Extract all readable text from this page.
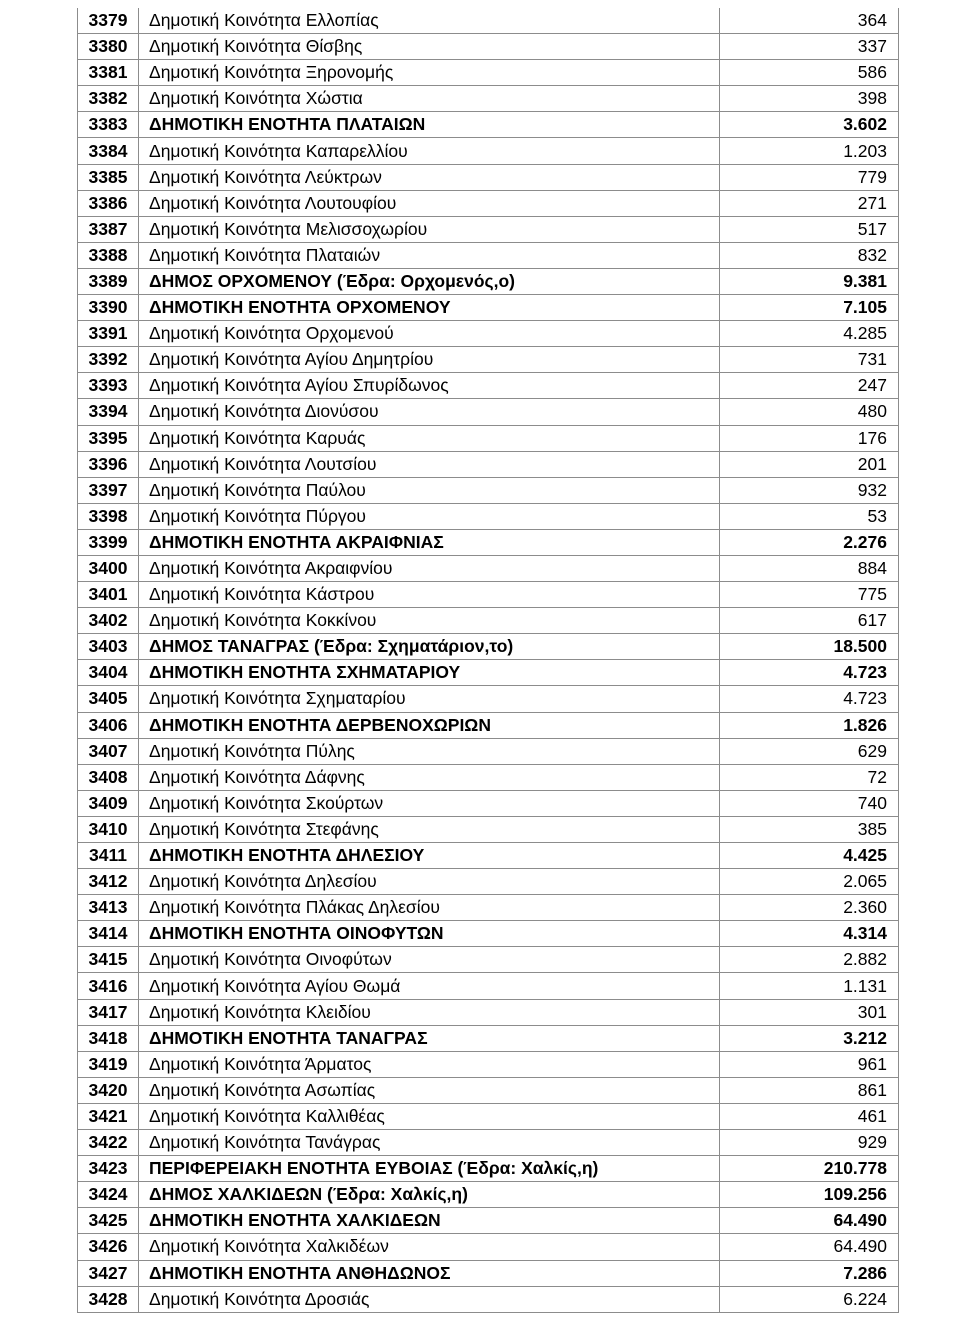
3379	Δημοτική Κοινότητα Ελλοπίας	364
3380	Δημοτική Κοινότητα Θίσβης	337
3381	Δημοτική Κοινότητα Ξηρονομής	586
3382	Δημοτική Κοινότητα Χώστια	398
3383	ΔΗΜΟΤΙΚΗ ΕΝΟΤΗΤΑ ΠΛΑΤΑΙΩΝ	3.602
3384	Δημοτική Κοινότητα Καπαρελλίου	1.203
3385	Δημοτική Κοινότητα Λεύκτρων	779
3386	Δημοτική Κοινότητα Λουτουφίου	271
3387	Δημοτική Κοινότητα Μελισσοχωρίου	517
3388	Δημοτική Κοινότητα Πλαταιών	832
3389	ΔΗΜΟΣ ΟΡΧΟΜΕΝΟΥ (Έδρα: Ορχομενός,ο)	9.381
3390	ΔΗΜΟΤΙΚΗ ΕΝΟΤΗΤΑ ΟΡΧΟΜΕΝΟΥ	7.105
3391	Δημοτική Κοινότητα Ορχομενού	4.285
3392	Δημοτική Κοινότητα Αγίου Δημητρίου	731
3393	Δημοτική Κοινότητα Αγίου Σπυρίδωνος	247
3394	Δημοτική Κοινότητα Διονύσου	480
3395	Δημοτική Κοινότητα Καρυάς	176
3396	Δημοτική Κοινότητα Λουτσίου	201
3397	Δημοτική Κοινότητα Παύλου	932
3398	Δημοτική Κοινότητα Πύργου	53
3399	ΔΗΜΟΤΙΚΗ ΕΝΟΤΗΤΑ ΑΚΡΑΙΦΝΙΑΣ	2.276
3400	Δημοτική Κοινότητα Ακραιφνίου	884
3401	Δημοτική Κοινότητα Κάστρου	775
3402	Δημοτική Κοινότητα Κοκκίνου	617
3403	ΔΗΜΟΣ ΤΑΝΑΓΡΑΣ (Έδρα: Σχηματάριον,το)	18.500
3404	ΔΗΜΟΤΙΚΗ ΕΝΟΤΗΤΑ ΣΧΗΜΑΤΑΡΙΟΥ	4.723
3405	Δημοτική Κοινότητα Σχηματαρίου	4.723
3406	ΔΗΜΟΤΙΚΗ ΕΝΟΤΗΤΑ ΔΕΡΒΕΝΟΧΩΡΙΩΝ	1.826
3407	Δημοτική Κοινότητα Πύλης	629
3408	Δημοτική Κοινότητα Δάφνης	72
3409	Δημοτική Κοινότητα Σκούρτων	740
3410	Δημοτική Κοινότητα Στεφάνης	385
3411	ΔΗΜΟΤΙΚΗ ΕΝΟΤΗΤΑ ΔΗΛΕΣΙΟΥ	4.425
3412	Δημοτική Κοινότητα Δηλεσίου	2.065
3413	Δημοτική Κοινότητα Πλάκας Δηλεσίου	2.360
3414	ΔΗΜΟΤΙΚΗ ΕΝΟΤΗΤΑ ΟΙΝΟΦΥΤΩΝ	4.314
3415	Δημοτική Κοινότητα Οινοφύτων	2.882
3416	Δημοτική Κοινότητα Αγίου Θωμά	1.131
3417	Δημοτική Κοινότητα Κλειδίου	301
3418	ΔΗΜΟΤΙΚΗ ΕΝΟΤΗΤΑ ΤΑΝΑΓΡΑΣ	3.212
3419	Δημοτική Κοινότητα Άρματος	961
3420	Δημοτική Κοινότητα Ασωπίας	861
3421	Δημοτική Κοινότητα Καλλιθέας	461
3422	Δημοτική Κοινότητα Τανάγρας	929
3423	ΠΕΡΙΦΕΡΕΙΑΚΗ ΕΝΟΤΗΤΑ ΕΥΒΟΙΑΣ (Έδρα: Χαλκίς,η)	210.778
3424	ΔΗΜΟΣ ΧΑΛΚΙΔΕΩΝ (Έδρα: Χαλκίς,η)	109.256
3425	ΔΗΜΟΤΙΚΗ ΕΝΟΤΗΤΑ ΧΑΛΚΙΔΕΩΝ	64.490
3426	Δημοτική Κοινότητα Χαλκιδέων	64.490
3427	ΔΗΜΟΤΙΚΗ ΕΝΟΤΗΤΑ ΑΝΘΗΔΩΝΟΣ	7.286
3428	Δημοτική Κοινότητα Δροσιάς	6.224
